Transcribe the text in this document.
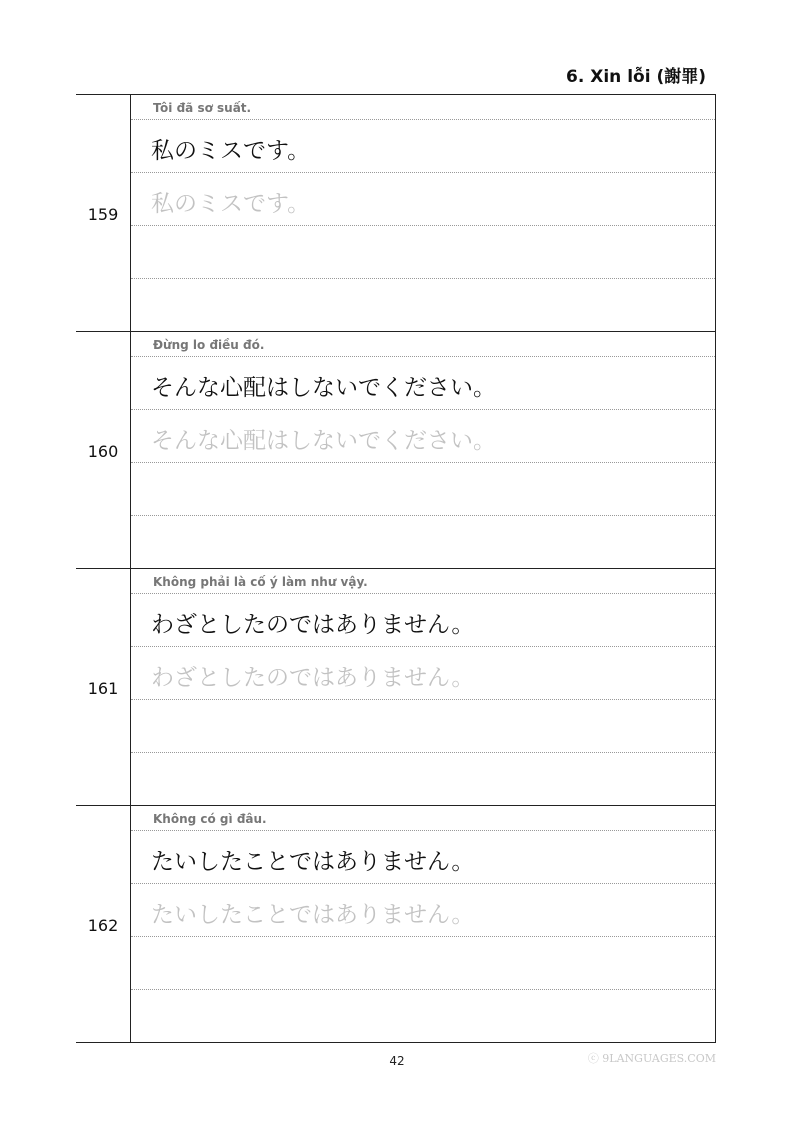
6. Xin lỗi (謝罪)
159
Tôi đã sơ suất.
私のミスです。
私のミスです。
160
Đừng lo điều đó.
そんな心配はしないでください。
そんな心配はしないでください。
161
Không phải là cố ý làm như vậy.
わざとしたのではありません。
わざとしたのではありません。
162
Không có gì đâu.
たいしたことではありません。
たいしたことではありません。
42	ⓒ 9LANGUAGES.COM
